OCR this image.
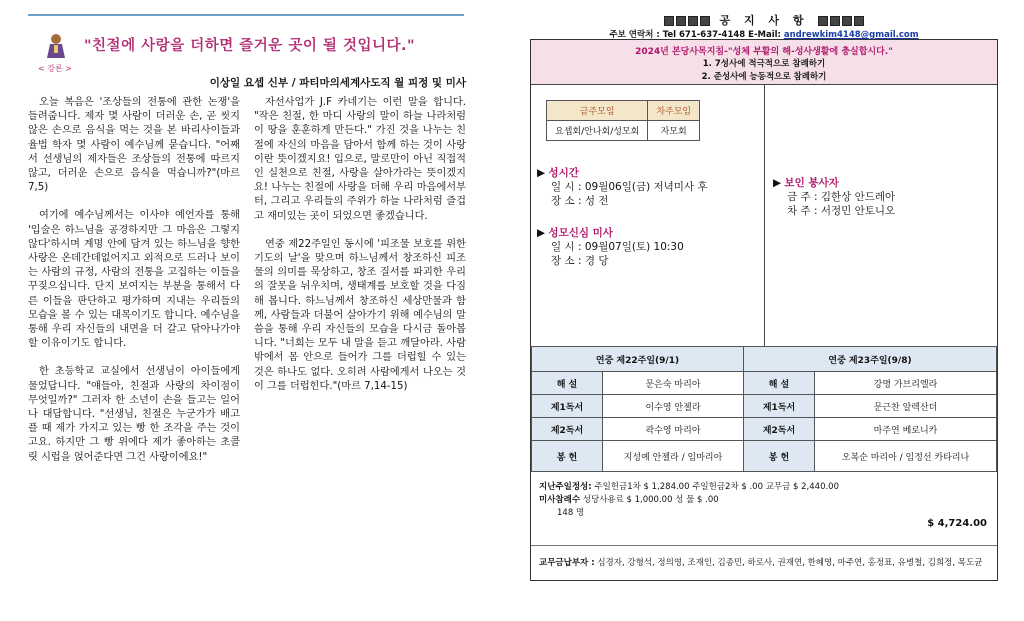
< 강론 >
"친절에 사랑을 더하면 즐거운 곳이 될 것입니다."
이상일 요셉 신부 / 파티마의세계사도직 월 피정 및 미사

오늘 복음은 '조상들의 전통에 관한 논쟁'을 들려줍니다. 제자 몇 사람이 더러운 손, 곧 씻지 않은 손으로 음식을 먹는 것을 본 바리사이들과 율법 학자 몇 사람이 예수님께 묻습니다. "어째서 선생님의 제자들은 조상들의 전통에 따르지 않고, 더러운 손으로 음식을 먹습니까?"(마르 7,5)

여기에 예수님께서는 이사야 예언자를 통해 '입술은 하느님을 공경하지만 그 마음은 그렇지 않다'하시며 계명 안에 담겨 있는 하느님을 향한 사랑은 온데간데없어지고 외적으로 드러나 보이는 사람의 규정, 사람의 전통을 고집하는 이들을 꾸짖으십니다. 단지 보여지는 부분을 통해서 다른 이들을 판단하고 평가하며 지내는 우리들의 모습을 볼 수 있는 대목이기도 합니다. 예수님을 통해 우리 자신들의 내면을 더 갈고 닦아나가야 할 이유이기도 합니다.

한 초등학교 교실에서 선생님이 아이들에게 물었답니다. "얘들아, 친절과 사랑의 차이점이 무엇일까?" 그러자 한 소년이 손을 들고는 일어나 대답합니다. "선생님, 친절은 누군가가 배고플 때 제가 가지고 있는 빵 한 조각을 주는 것이고요. 하지만 그 빵 위에다 제가 좋아하는 초콜릿 시럽을 얹어준다면 그건 사랑이에요!"

자선사업가 J.F 카네기는 이런 말을 합니다. "작은 친절, 한 마디 사랑의 말이 하늘 나라처럼 이 땅을 훈훈하게 만든다." 가진 것을 나누는 친절에 자신의 마음을 담아서 함께 하는 것이 사랑이란 뜻이겠지요! 입으로, 말로만이 아닌 직접적인 실천으로 친절, 사랑을 살아가라는 뜻이겠지요! 나누는 친절에 사랑을 더해 우리 마음에서부터, 그리고 우리들의 주위가 하늘 나라처럼 즐겁고 재미있는 곳이 되었으면 좋겠습니다.

연중 제22주일인 동시에 '피조물 보호를 위한 기도의 날'을 맞으며 하느님께서 창조하신 피조물의 의미를 묵상하고, 창조 질서를 파괴한 우리의 잘못을 뉘우치며, 생태계를 보호할 것을 다짐해 봅니다. 하느님께서 창조하신 세상만물과 함께, 사람들과 더불어 살아가기 위해 예수님의 말씀을 통해 우리 자신들의 모습을 다시금 돌아봅니다. "너희는 모두 내 말을 듣고 깨달아라. 사람 밖에서 몸 안으로 들어가 그를 더럽힐 수 있는 것은 하나도 없다. 오히려 사람에게서 나오는 것이 그를 더럽힌다."(마르 7,14-15)

공 지 사 항
주보 연락처 : Tel 671-637-4148 E-Mail: andrewkim4148@gmail.com
2024년 본당사목지침-"성체 부활의 해-성사생활에 충실합시다."
1. 7성사에 적극적으로 참례하기
2. 준성사에 능동적으로 참례하기
금주모임	차주모임
요셉회/안나회/성모회	자모회
▶ 성시간
일 시 : 09월06일(금) 저녁미사 후
장 소 : 성 전
▶ 성모신심 미사
일 시 : 09월07일(토) 10:30
장 소 : 경 당
▶ 보인 봉사자
금 주 : 김한상 안드레아
차 주 : 서정민 안토니오
연중 제22주일(9/1)		연중 제23주일(9/8)	
해 설	문은숙 마리아	해 설	강명 가브리엘라
제1독서	이수영 안젤라	제1독서	문근찬 알렉산더
제2독서	곽수영 마리아	제2독서	마주연 베로니카
봉 헌	지성예 안젤라 / 임마리아	봉 헌	오복순 마리아 / 임정선 카타리나
지난주일정성: 주일헌금1차 $ 1,284.00 주일헌금2차 $ .00 교무금 $ 2,440.00
미사참례수 성당사용료 $ 1,000.00 성 물 $ .00
148 명
$ 4,724.00
교무금납부자 : 심경자, 강형석, 정의영, 조재인, 김종민, 하로사, 권재연, 한혜영, 마주연, 홍정표, 유병철, 김희정, 목도균
